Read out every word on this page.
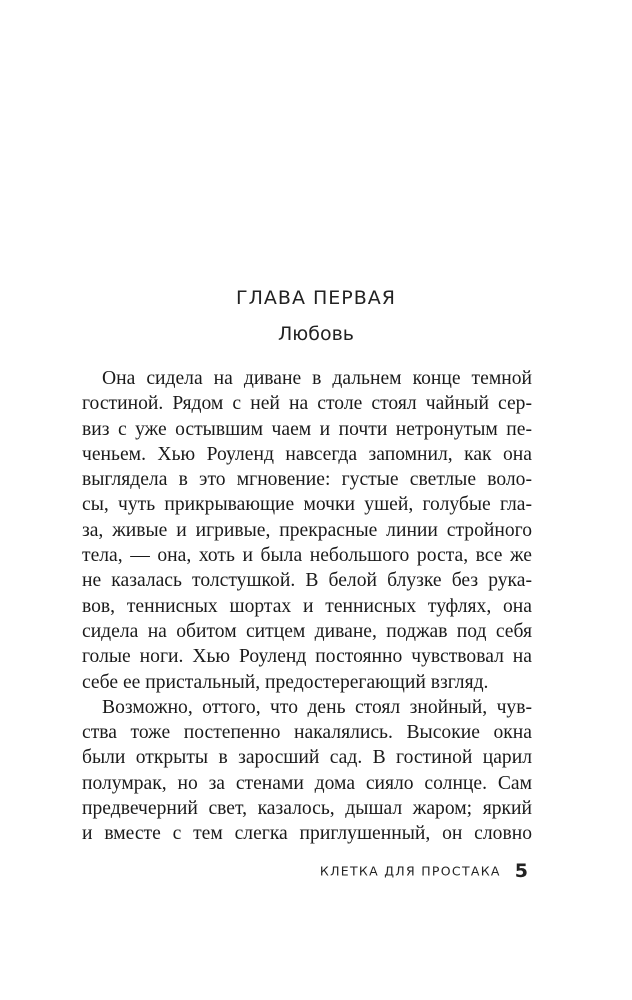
ГЛАВА ПЕРВАЯ
Любовь
Она сидела на диване в дальнем конце темной
гостиной. Рядом с ней на столе стоял чайный сер-
виз с уже остывшим чаем и почти нетронутым пе-
ченьем. Хью Роуленд навсегда запомнил, как она
выглядела в это мгновение: густые светлые воло-
сы, чуть прикрывающие мочки ушей, голубые гла-
за, живые и игривые, прекрасные линии стройного
тела, — она, хоть и была небольшого роста, все же
не казалась толстушкой. В белой блузке без рука-
вов, теннисных шортах и теннисных туфлях, она
сидела на обитом ситцем диване, поджав под себя
голые ноги. Хью Роуленд постоянно чувствовал на
себе ее пристальный, предостерегающий взгляд.
Возможно, оттого, что день стоял знойный, чув-
ства тоже постепенно накалялись. Высокие окна
были открыты в заросший сад. В гостиной царил
полумрак, но за стенами дома сияло солнце. Сам
предвечерний свет, казалось, дышал жаром; яркий
и вместе с тем слегка приглушенный, он словно
КЛЕТКА ДЛЯ ПРОСТАКА 5
